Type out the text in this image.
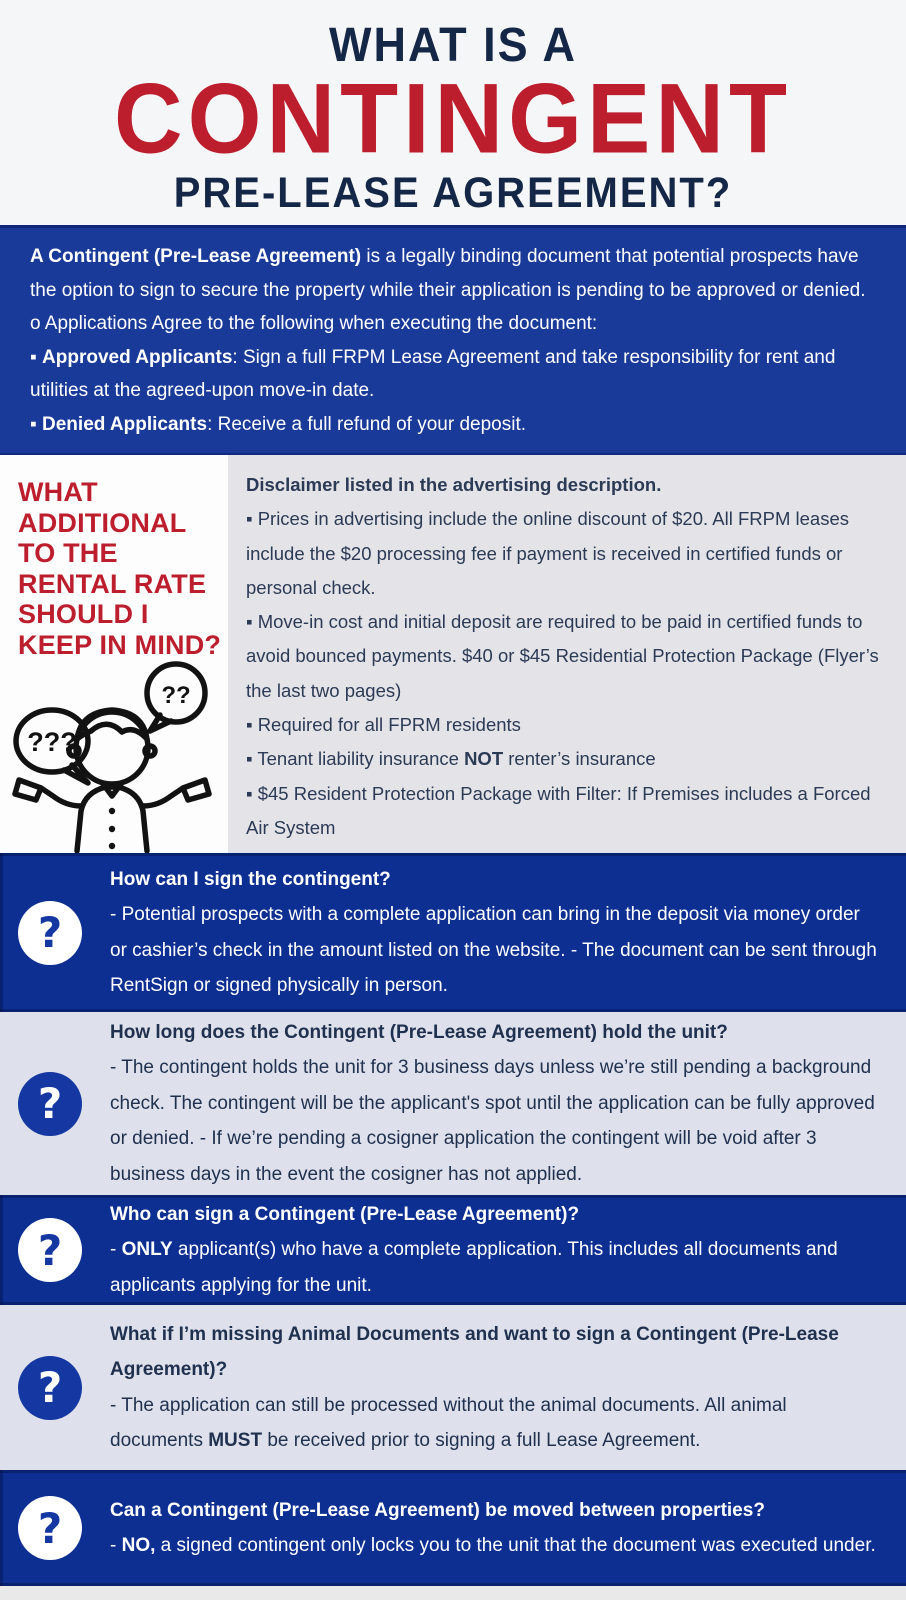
WHAT IS A
CONTINGENT
PRE-LEASE AGREEMENT?

A Contingent (Pre-Lease Agreement) is a legally binding document that potential prospects have the option to sign to secure the property while their application is pending to be approved or denied. o Applications Agree to the following when executing the document:

▪ Approved Applicants: Sign a full FRPM Lease Agreement and take responsibility for rent and utilities at the agreed-upon move-in date.

▪ Denied Applicants: Receive a full refund of your deposit.

WHAT ADDITIONAL TO THE RENTAL RATE SHOULD I KEEP IN MIND?
???
??

Disclaimer listed in the advertising description.

▪ Prices in advertising include the online discount of $20. All FRPM leases include the $20 processing fee if payment is received in certified funds or personal check.

▪ Move-in cost and initial deposit are required to be paid in certified funds to avoid bounced payments. $40 or $45 Residential Protection Package (Flyer’s the last two pages)

▪ Required for all FPRM residents

▪ Tenant liability insurance NOT renter’s insurance

▪ $45 Resident Protection Package with Filter: If Premises includes a Forced Air System

?

How can I sign the contingent?

- Potential prospects with a complete application can bring in the deposit via money order or cashier’s check in the amount listed on the website. - The document can be sent through RentSign or signed physically in person.

?

How long does the Contingent (Pre-Lease Agreement) hold the unit?

- The contingent holds the unit for 3 business days unless we’re still pending a background check. The contingent will be the applicant's spot until the application can be fully approved or denied. - If we’re pending a cosigner application the contingent will be void after 3 business days in the event the cosigner has not applied.

?

Who can sign a Contingent (Pre-Lease Agreement)?

- ONLY applicant(s) who have a complete application. This includes all documents and applicants applying for the unit.

?

What if I’m missing Animal Documents and want to sign a Contingent (Pre-Lease Agreement)?

- The application can still be processed without the animal documents. All animal documents MUST be received prior to signing a full Lease Agreement.

?	Can a Contingent (Pre-Lease Agreement) be moved between properties?

- NO, a signed contingent only locks you to the unit that the document was executed under.
